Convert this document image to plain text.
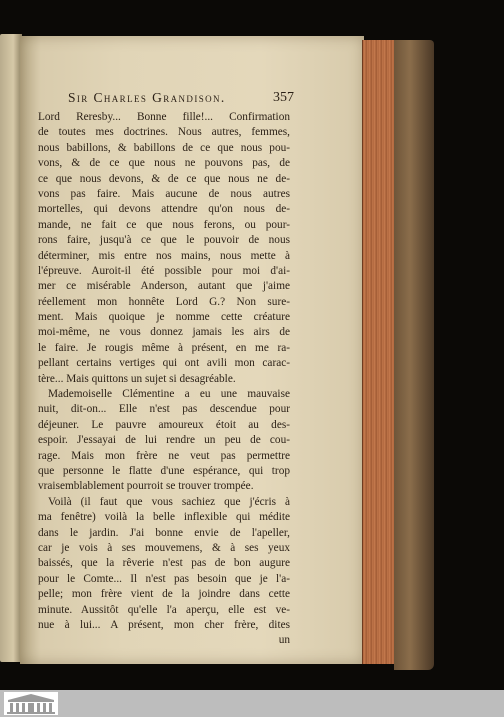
Sir Charles Grandison.	357
Lord Reresby... Bonne fille!... Confirmation
de toutes mes doctrines. Nous autres, femmes,
nous babillons, & babillons de ce que nous pou-
vons, & de ce que nous ne pouvons pas, de
ce que nous devons, & de ce que nous ne de-
vons pas faire. Mais aucune de nous autres
mortelles, qui devons attendre qu'on nous de-
mande, ne fait ce que nous ferons, ou pour-
rons faire, jusqu'à ce que le pouvoir de nous
déterminer, mis entre nos mains, nous mette à
l'épreuve. Auroit-il été possible pour moi d'ai-
mer ce misérable Anderson, autant que j'aime
réellement mon honnête Lord G.? Non sure-
ment. Mais quoique je nomme cette créature
moi-même, ne vous donnez jamais les airs de
le faire. Je rougis même à présent, en me ra-
pellant certains vertiges qui ont avili mon carac-
tère... Mais quittons un sujet si desagréable.
Mademoiselle Clémentine a eu une mauvaise
nuit, dit-on... Elle n'est pas descendue pour
déjeuner. Le pauvre amoureux étoit au des-
espoir. J'essayai de lui rendre un peu de cou-
rage. Mais mon frère ne veut pas permettre
que personne le flatte d'une espérance, qui trop
vraisemblablement pourroit se trouver trompée.
Voilà (il faut que vous sachiez que j'écris à
ma fenêtre) voilà la belle inflexible qui médite
dans le jardin. J'ai bonne envie de l'apeller,
car je vois à ses mouvemens, & à ses yeux
baissés, que la rêverie n'est pas de bon augure
pour le Comte... Il n'est pas besoin que je l'a-
pelle; mon frère vient de la joindre dans cette
minute. Aussitôt qu'elle l'a aperçu, elle est ve-
nue à lui... A présent, mon cher frère, dites
un
